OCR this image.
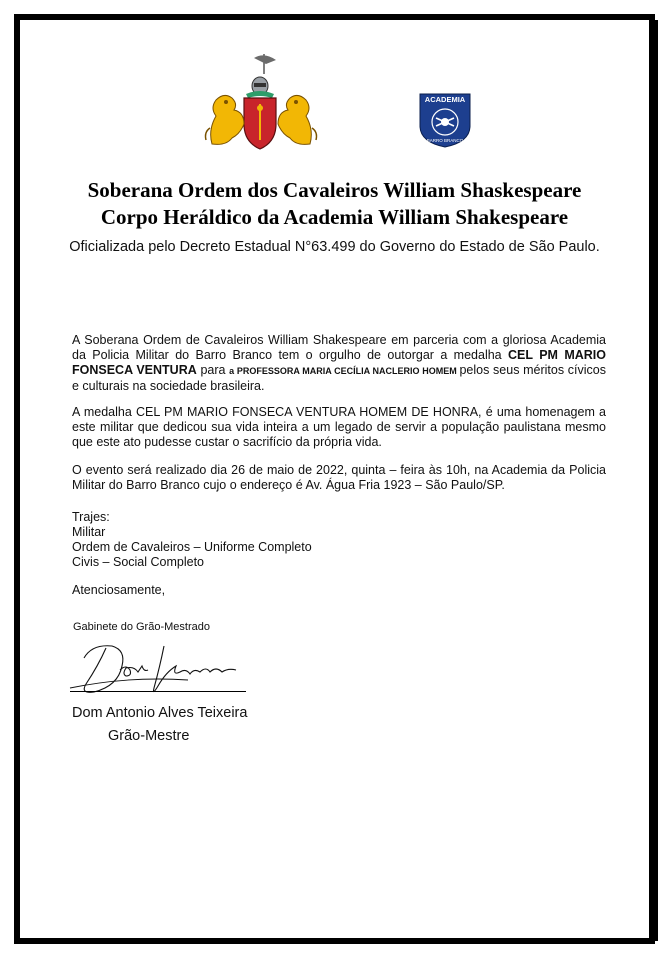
ACADEMIA
BARRO BRANCO
Soberana Ordem dos Cavaleiros William Shaskespeare
Corpo Heráldico da Academia William Shakespeare
Oficializada pelo Decreto Estadual N°63.499 do Governo do Estado de São Paulo.
A Soberana Ordem de Cavaleiros William Shakespeare em parceria com a gloriosa Academia da Policia Militar do Barro Branco tem o orgulho de outorgar a medalha CEL PM MARIO FONSECA VENTURA para a PROFESSORA MARIA CECÍLIA NACLERIO HOMEM pelos seus méritos cívicos e culturais na sociedade brasileira.
A medalha CEL PM MARIO FONSECA VENTURA HOMEM DE HONRA, é uma homenagem a este militar que dedicou sua vida inteira a um legado de servir a população paulistana mesmo que este ato pudesse custar o sacrifício da própria vida.
O evento será realizado dia 26 de maio de 2022, quinta – feira às 10h, na Academia da Policia Militar do Barro Branco cujo o endereço é Av. Água Fria 1923 – São Paulo/SP.
Trajes:
Militar
Ordem de Cavaleiros – Uniforme Completo
Civis – Social Completo
Atenciosamente,
Gabinete do Grão-Mestrado
Dom Antonio Alves Teixeira
Grão-Mestre
